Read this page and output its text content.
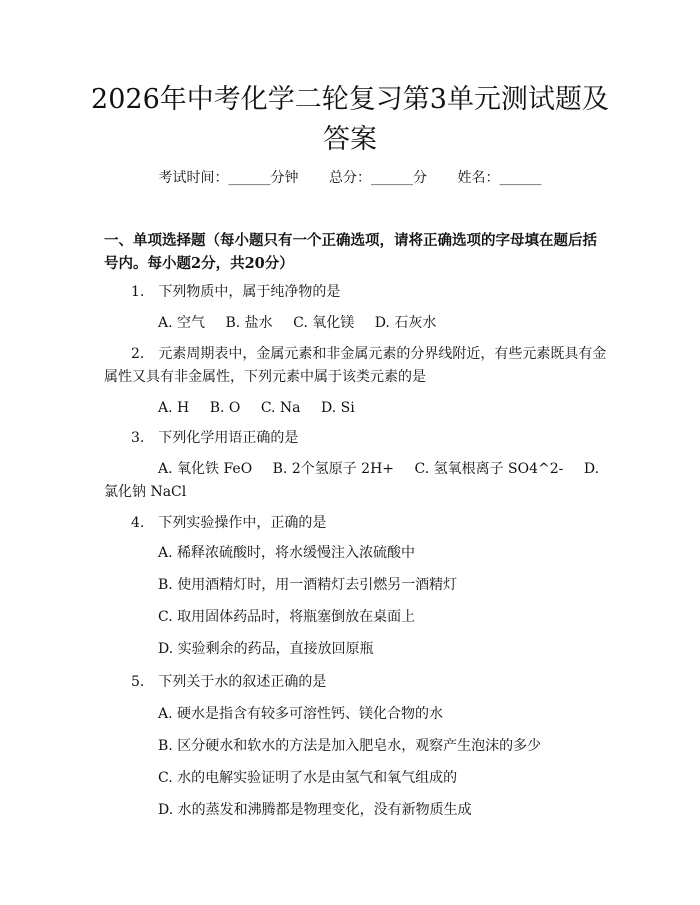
2026年中考化学二轮复习第3单元测试题及答案
考试时间：______分钟 总分：______分 姓名：______
一、单项选择题（每小题只有一个正确选项，请将正确选项的字母填在题后括号内。每小题2分，共20分）
1.　下列物质中，属于纯净物的是
A. 空气 B. 盐水 C. 氧化镁 D. 石灰水
2.　元素周期表中，金属元素和非金属元素的分界线附近，有些元素既具有金属性又具有非金属性，下列元素中属于该类元素的是
A. H B. O C. Na D. Si
3.　下列化学用语正确的是
A. 氧化铁 FeO B. 2个氢原子 2H+ C. 氢氧根离子 SO4^2- D. 氯化钠 NaCl
4.　下列实验操作中，正确的是
A. 稀释浓硫酸时，将水缓慢注入浓硫酸中
B. 使用酒精灯时，用一酒精灯去引燃另一酒精灯
C. 取用固体药品时，将瓶塞倒放在桌面上
D. 实验剩余的药品，直接放回原瓶
5.　下列关于水的叙述正确的是
A. 硬水是指含有较多可溶性钙、镁化合物的水
B. 区分硬水和软水的方法是加入肥皂水，观察产生泡沫的多少
C. 水的电解实验证明了水是由氢气和氧气组成的
D. 水的蒸发和沸腾都是物理变化，没有新物质生成
